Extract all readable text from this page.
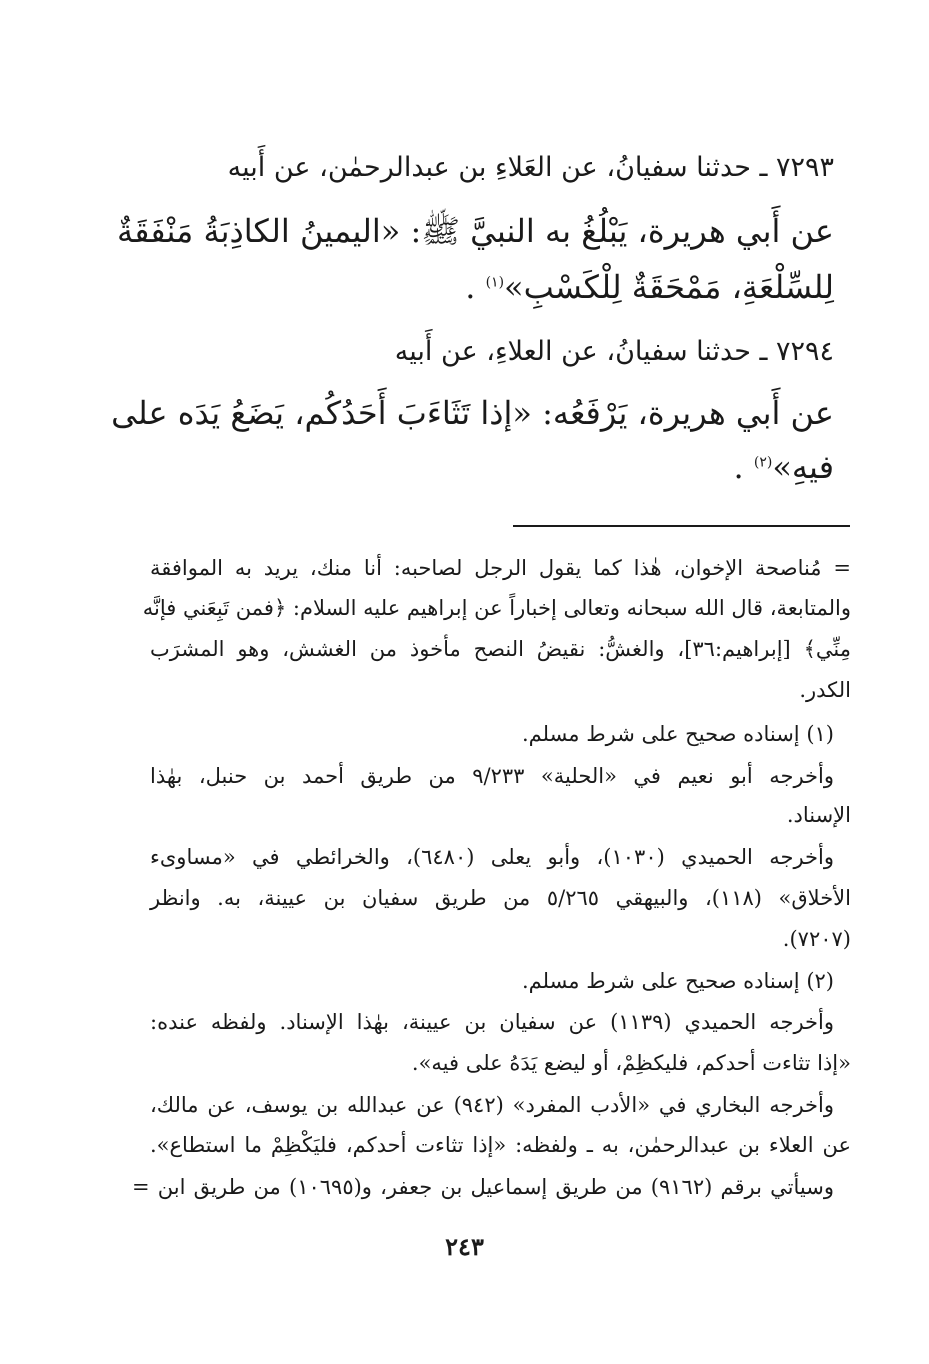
٧٢٩٣ ـ حدثنا سفيانُ، عن العَلاءِ بن عبدالرحمٰن، عن أَبيه
عن أَبي هريرة، يَبْلُغُ به النبيَّ ﷺ: «اليمينُ الكاذِبَةُ مَنْفَقَةٌ
لِلسِّلْعَةِ، مَمْحَقَةٌ لِلْكَسْبِ»$^{(١)}$ .
٧٢٩٤ ـ حدثنا سفيانُ، عن العلاءِ، عن أَبيه
عن أَبي هريرة، يَرْفَعُه: «إذا تَثَاءَبَ أَحَدُكُم، يَضَعُ يَدَه على
فيهِ»$^{(٢)}$ .
= مُناصحة الإخوان، هٰذا كما يقول الرجل لصاحبه: أنا منك، يريد به الموافقة
والمتابعة، قال الله سبحانه وتعالى إخباراً عن إبراهيم عليه السلام: ﴿فمن تَبِعَني فإنَّه
مِنِّي﴾ [إبراهيم:٣٦]، والغشُّ: نقيضُ النصح مأخوذ من الغشش، وهو المشرَب
الكدر.
(١) إسناده صحيح على شرط مسلم.
وأخرجه أبو نعيم في «الحلية» ٩/٢٣٣ من طريق أحمد بن حنبل، بهٰذا
الإسناد.
وأخرجه الحميدي (١٠٣٠)، وأبو يعلى (٦٤٨٠)، والخرائطي في «مساوىء
الأخلاق» (١١٨)، والبيهقي ٥/٢٦٥ من طريق سفيان بن عيينة، به. وانظر
(٧٢٠٧).
(٢) إسناده صحيح على شرط مسلم.
وأخرجه الحميدي (١١٣٩) عن سفيان بن عيينة، بهٰذا الإسناد. ولفظه عنده:
«إذا تثاءت أحدكم، فليكظِمْ، أو ليضع يَدَهُ على فيه».
وأخرجه البخاري في «الأدب المفرد» (٩٤٢) عن عبدالله بن يوسف، عن مالك،
عن العلاء بن عبدالرحمٰن، به ـ ولفظه: «إذا تثاءت أحدكم، فليَكْظِمْ ما استطاع».
وسيأتي برقم (٩١٦٢) من طريق إسماعيل بن جعفر، و(١٠٦٩٥) من طريق ابن =
٢٤٣
